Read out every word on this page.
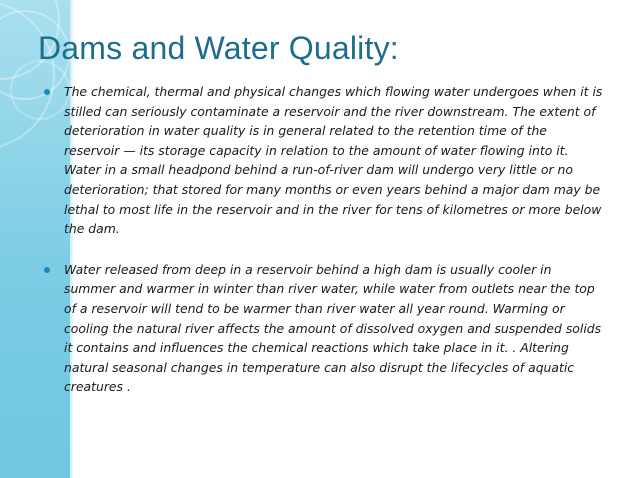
Dams and Water Quality:
The chemical, thermal and physical changes which flowing water undergoes when it is stilled can seriously contaminate a reservoir and the river downstream. The extent of deterioration in water quality is in general related to the retention time of the reservoir — its storage capacity in relation to the amount of water flowing into it. Water in a small headpond behind a run-of-river dam will undergo very little or no deterioration; that stored for many months or even years behind a major dam may be lethal to most life in the reservoir and in the river for tens of kilometres or more below the dam.
Water released from deep in a reservoir behind a high dam is usually cooler in summer and warmer in winter than river water, while water from outlets near the top of a reservoir will tend to be warmer than river water all year round. Warming or cooling the natural river affects the amount of dissolved oxygen and suspended solids it contains and influences the chemical reactions which take place in it. . Altering natural seasonal changes in temperature can also disrupt the lifecycles of aquatic creatures .
